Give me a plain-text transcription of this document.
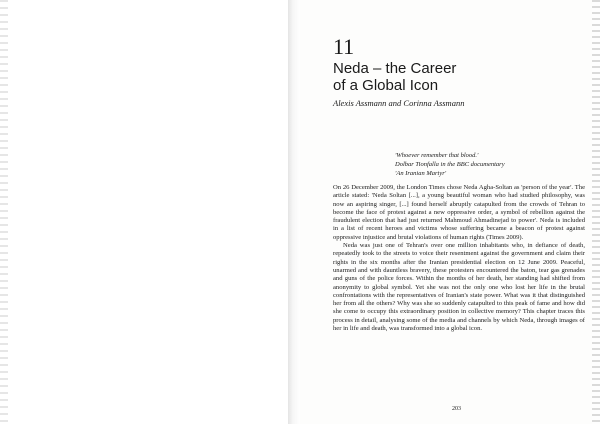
11
Neda – the Career
of a Global Icon
Alexis Assmann and Corinna Assmann
'Whoever remember that blood.'
Dolbar Tionfalla in the BBC documentary
'An Iranian Martyr'

On 26 December 2009, the London Times chose Neda Agha-Soltan as 'person of the year'. The article stated: 'Neda Soltan [...], a young beautiful woman who had studied philosophy, was now an aspiring singer, [...] found herself abruptly catapulted from the crowds of Tehran to become the face of protest against a new oppressive order, a symbol of rebellion against the fraudulent election that had just returned Mahmoud Ahmadinejad to power'. Neda is included in a list of recent heroes and victims whose suffering became a beacon of protest against oppressive injustice and brutal violations of human rights (Times 2009).

Neda was just one of Tehran's over one million inhabitants who, in defiance of death, repeatedly took to the streets to voice their resentment against the government and claim their rights in the six months after the Iranian presidential election on 12 June 2009. Peaceful, unarmed and with dauntless bravery, these protesters encountered the baton, tear gas grenades and guns of the police forces. Within the months of her death, her standing had shifted from anonymity to global symbol. Yet she was not the only one who lost her life in the brutal confrontations with the representatives of Iranian's state power. What was it that distinguished her from all the others? Why was she so suddenly catapulted to this peak of fame and how did she come to occupy this extraordinary position in collective memory? This chapter traces this process in detail, analysing some of the media and channels by which Neda, through images of her in life and death, was transformed into a global icon.

203
